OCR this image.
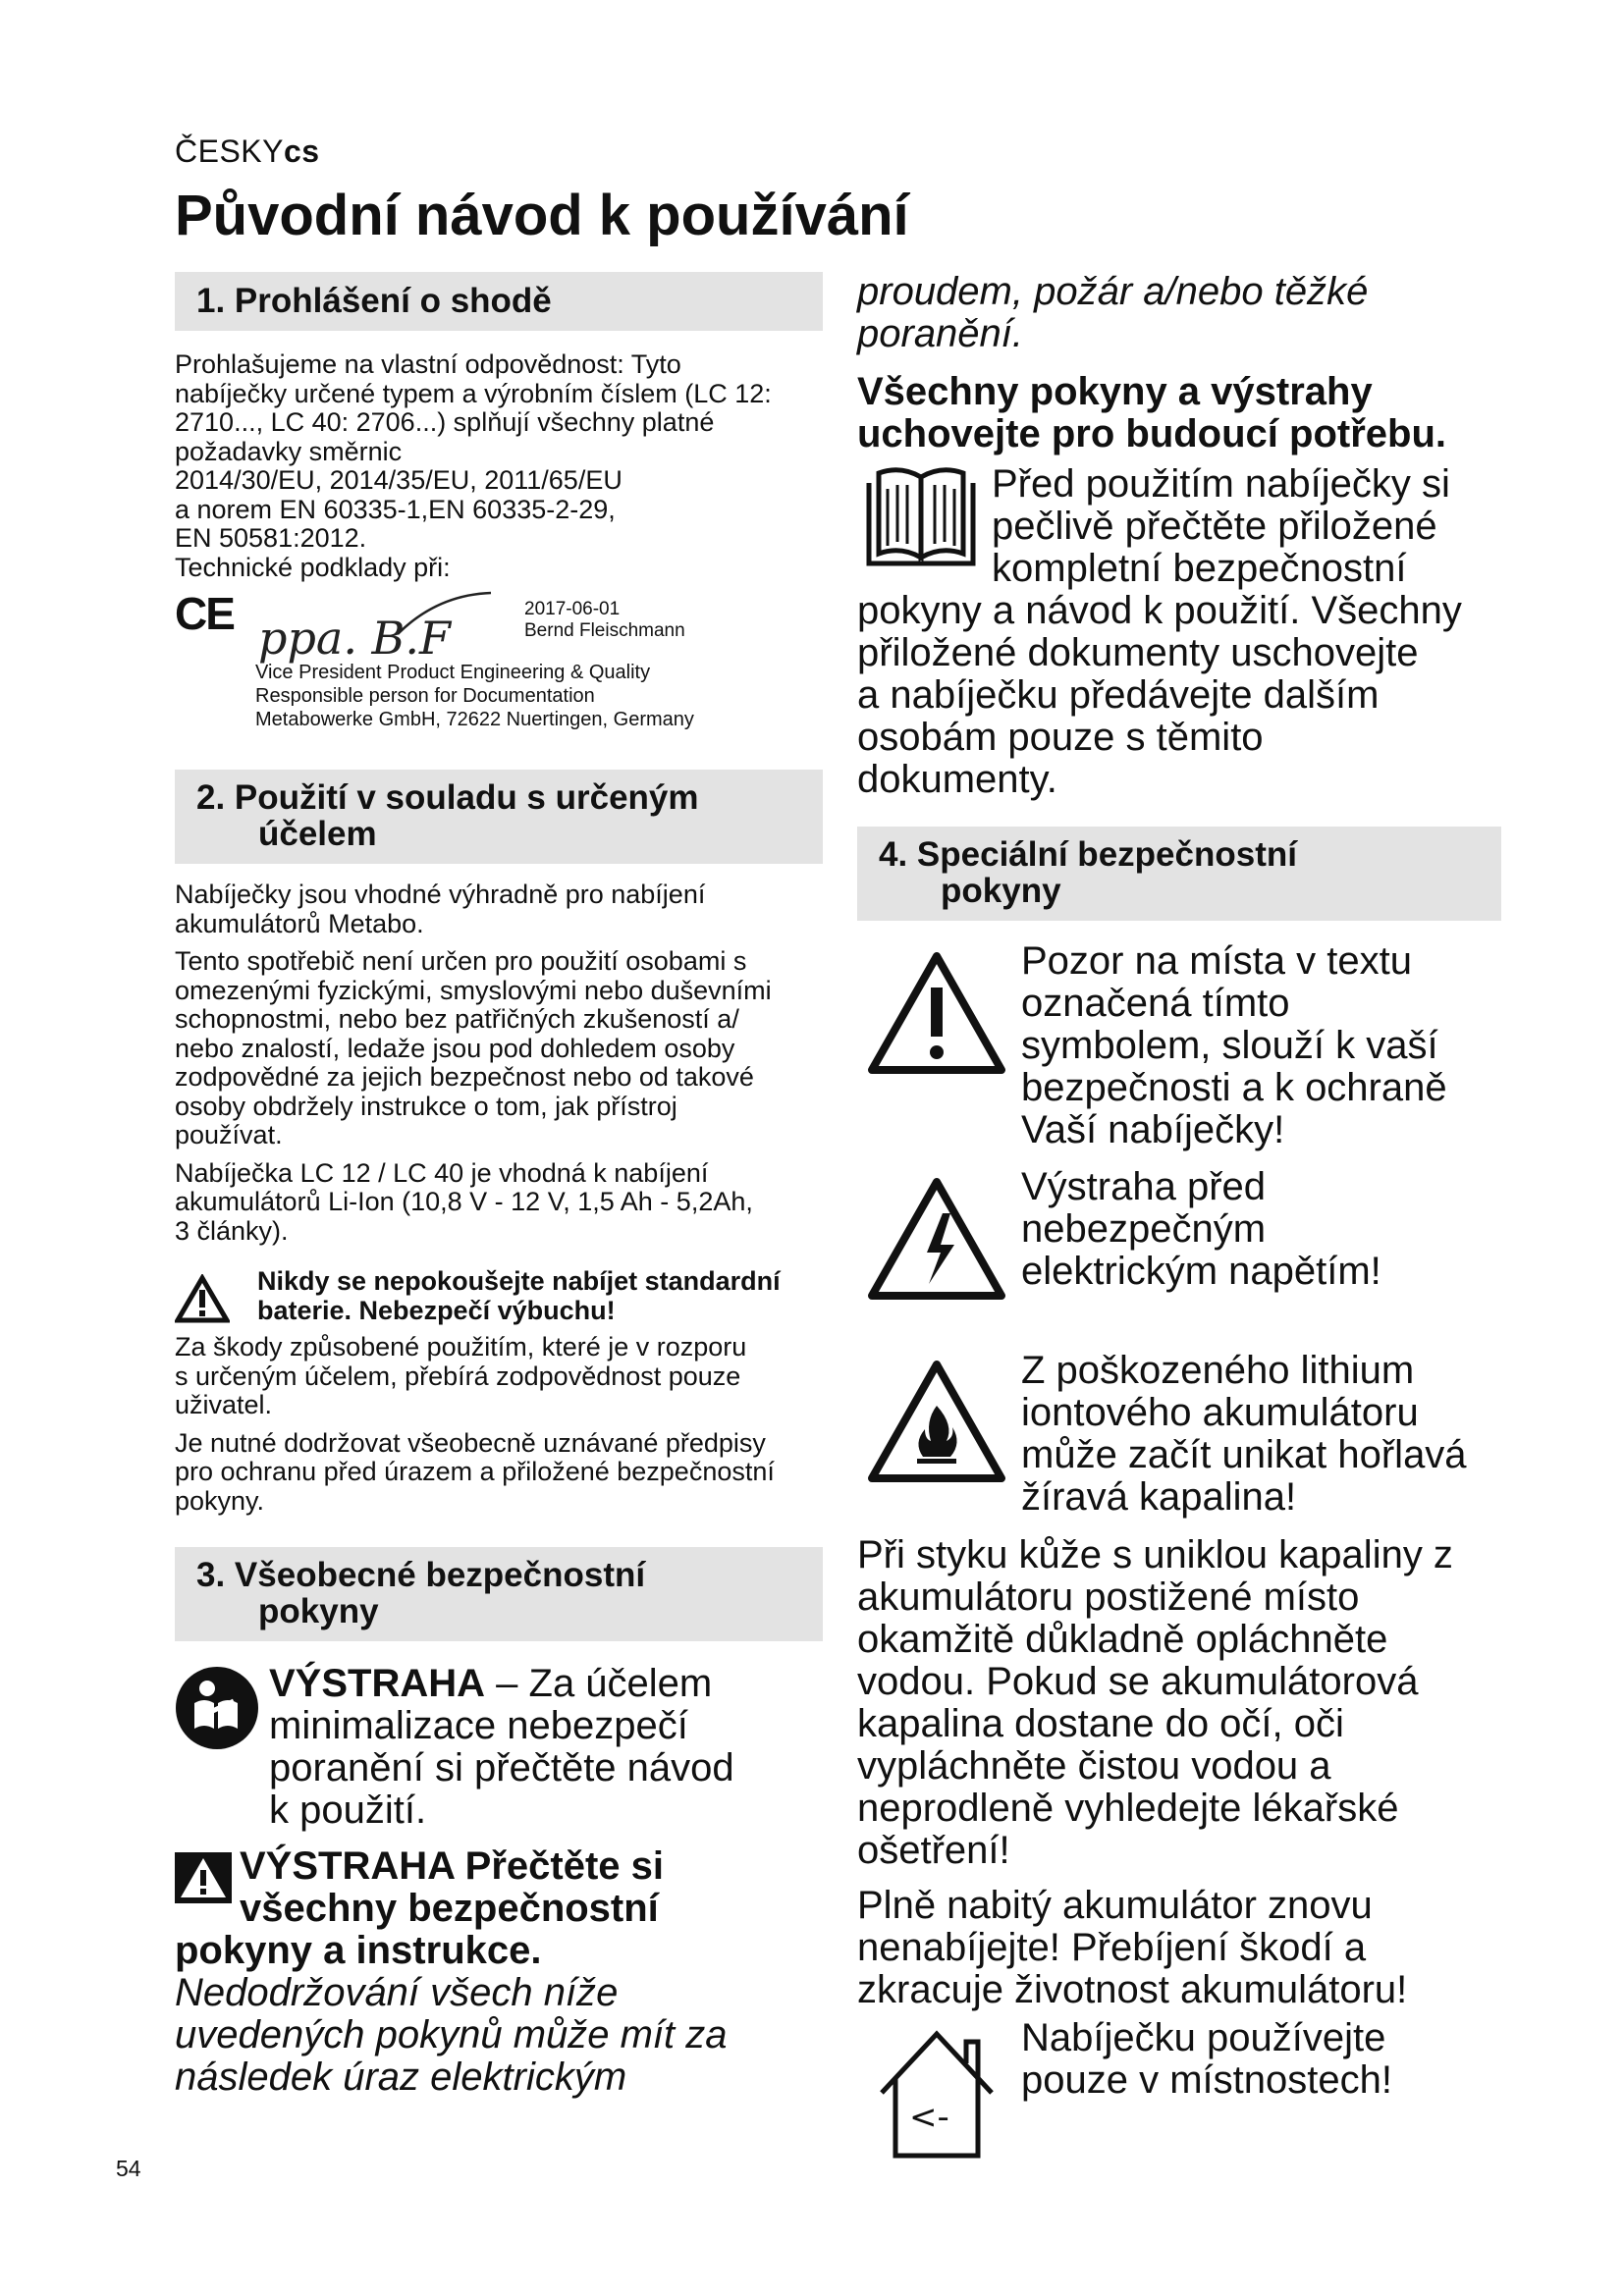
ČESKYcs
Původní návod k používání
1. Prohlášení o shodě
Prohlašujeme na vlastní odpovědnost: Tyto
nabíječky určené typem a výrobním číslem (LC 12:
2710..., LC 40: 2706...) splňují všechny platné
požadavky směrnic
2014/30/EU, 2014/35/EU, 2011/65/EU
a norem EN 60335-1,EN 60335-2-29,
EN 50581:2012.
Technické podklady při:
CE ppa. B.F
2017-06-01
Bernd Fleischmann
Vice President Product Engineering & Quality
Responsible person for Documentation
Metabowerke GmbH, 72622 Nuertingen, Germany
2. Použití v souladu s určeným
účelem
Nabíječky jsou vhodné výhradně pro nabíjení
akumulátorů Metabo.
Tento spotřebič není určen pro použití osobami s
omezenými fyzickými, smyslovými nebo duševními
schopnostmi, nebo bez patřičných zkušeností a/
nebo znalostí, ledaže jsou pod dohledem osoby
zodpovědné za jejich bezpečnost nebo od takové
osoby obdržely instrukce o tom, jak přístroj
používat.
Nabíječka LC 12 / LC 40 je vhodná k nabíjení
akumulátorů Li-Ion (10,8 V - 12 V, 1,5 Ah - 5,2Ah,
3 články).
Nikdy se nepokoušejte nabíjet standardní
baterie. Nebezpečí výbuchu!
Za škody způsobené použitím, které je v rozporu
s určeným účelem, přebírá zodpovědnost pouze
uživatel.
Je nutné dodržovat všeobecně uznávané předpisy
pro ochranu před úrazem a přiložené bezpečnostní
pokyny.
3. Všeobecné bezpečnostní
pokyny
VÝSTRAHA – Za účelem
minimalizace nebezpečí
poranění si přečtěte návod
k použití.
VÝSTRAHA Přečtěte si
všechny bezpečnostní
pokyny a instrukce.
Nedodržování všech níže
uvedených pokynů může mít za
následek úraz elektrickým
proudem, požár a/nebo těžké
poranění.
Všechny pokyny a výstrahy
uchovejte pro budoucí potřebu.
Před použitím nabíječky si
pečlivě přečtěte přiložené
kompletní bezpečnostní
pokyny a návod k použití. Všechny
přiložené dokumenty uschovejte
a nabíječku předávejte dalším
osobám pouze s těmito
dokumenty.
4. Speciální bezpečnostní
pokyny
Pozor na místa v textu
označená tímto
symbolem, slouží k vaší
bezpečnosti a k ochraně
Vaší nabíječky!
Výstraha před
nebezpečným
elektrickým napětím!
Z poškozeného lithium
iontového akumulátoru
může začít unikat hořlavá
žíravá kapalina!
Při styku kůže s uniklou kapaliny z
akumulátoru postižené místo
okamžitě důkladně opláchněte
vodou. Pokud se akumulátorová
kapalina dostane do očí, oči
vypláchněte čistou vodou a
neprodleně vyhledejte lékařské
ošetření!
Plně nabitý akumulátor znovu
nenabíjejte! Přebíjení škodí a
zkracuje životnost akumulátoru!
<-
Nabíječku používejte
pouze v místnostech!
54
